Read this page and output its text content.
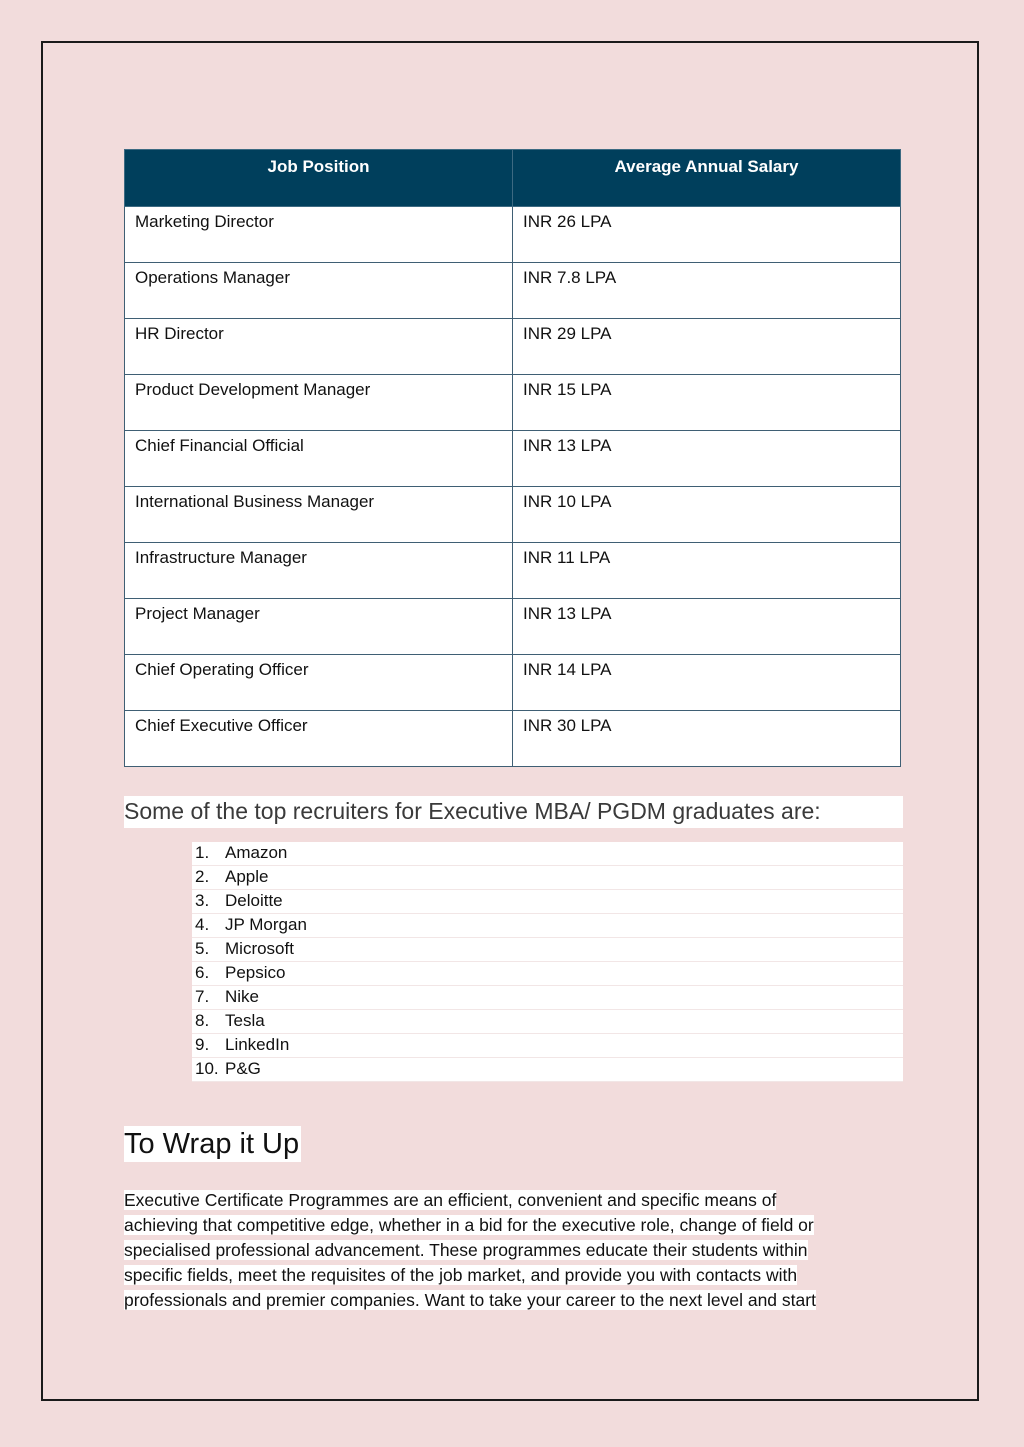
Job Position	Average Annual Salary
Marketing Director	INR 26 LPA
Operations Manager	INR 7.8 LPA
HR Director	INR 29 LPA
Product Development Manager	INR 15 LPA
Chief Financial Official	INR 13 LPA
International Business Manager	INR 10 LPA
Infrastructure Manager	INR 11 LPA
Project Manager	INR 13 LPA
Chief Operating Officer	INR 14 LPA
Chief Executive Officer	INR 30 LPA
Some of the top recruiters for Executive MBA/ PGDM graduates are:
1. Amazon
2. Apple
3. Deloitte
4. JP Morgan
5. Microsoft
6. Pepsico
7. Nike
8. Tesla
9. LinkedIn
10. P&G
To Wrap it Up

Executive Certificate Programmes are an efficient, convenient and specific means of
achieving that competitive edge, whether in a bid for the executive role, change of field or
specialised professional advancement. These programmes educate their students within
specific fields, meet the requisites of the job market, and provide you with contacts with
professionals and premier companies. Want to take your career to the next level and start
